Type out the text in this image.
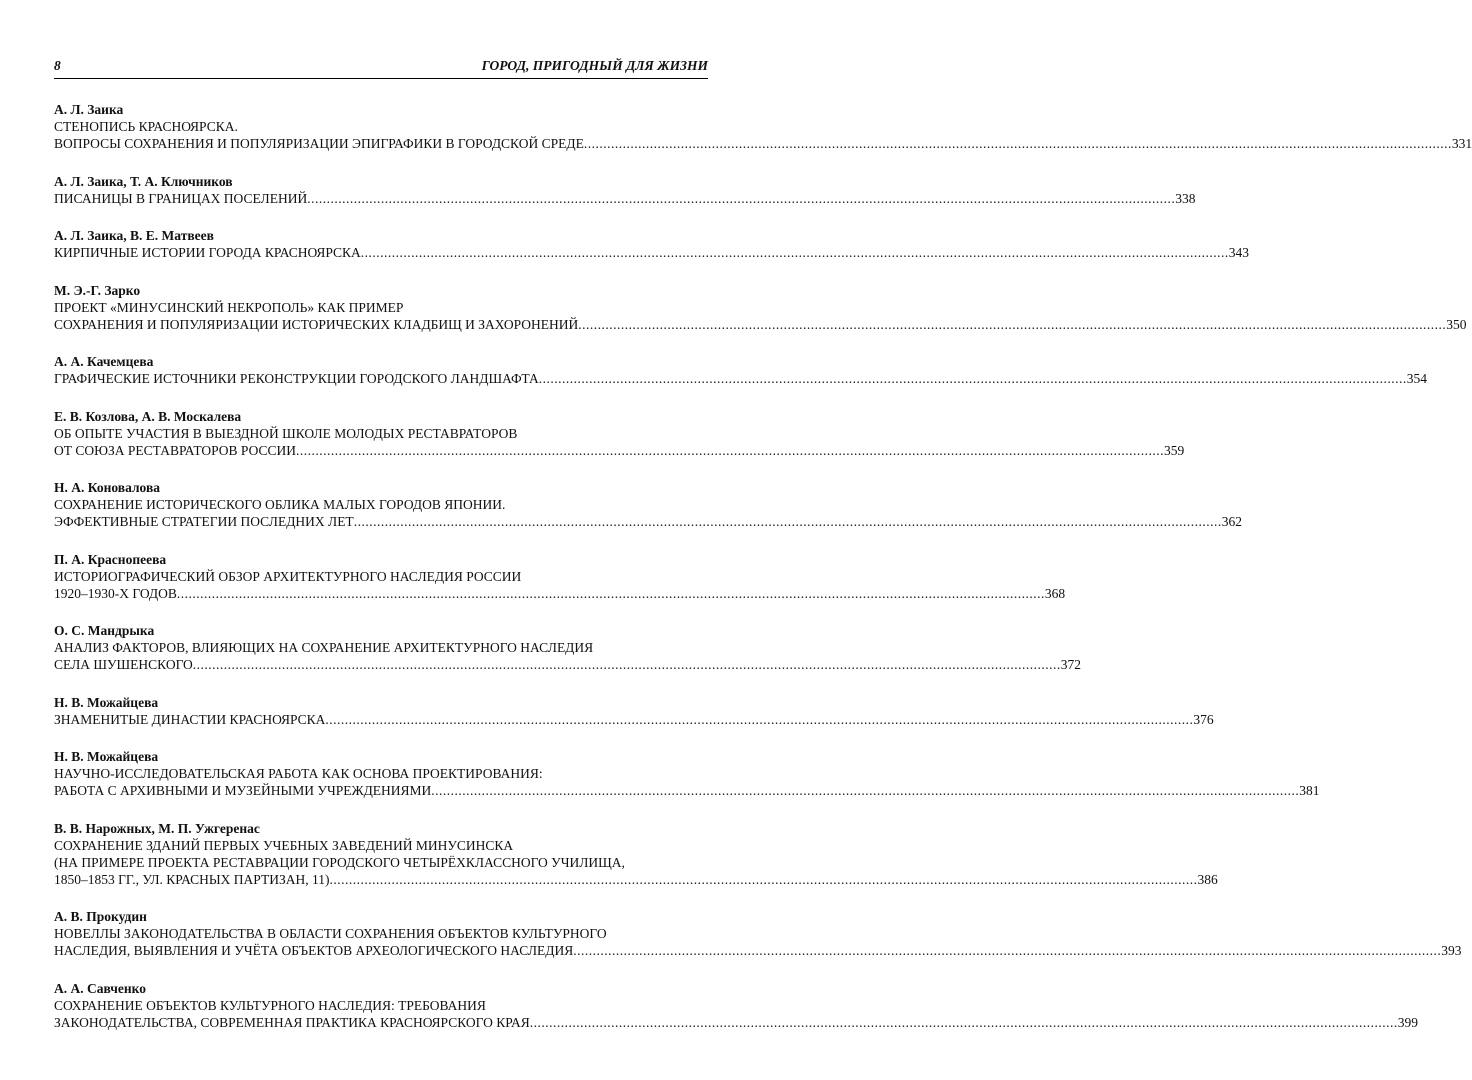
8	ГОРОД, ПРИГОДНЫЙ ДЛЯ ЖИЗНИ
А. Л. Заика
СТЕНОПИСЬ КРАСНОЯРСКА.
ВОПРОСЫ СОХРАНЕНИЯ И ПОПУЛЯРИЗАЦИИ ЭПИГРАФИКИ В ГОРОДСКОЙ СРЕДЕ .....	331
А. Л. Заика, Т. А. Ключников
ПИСАНИЦЫ В ГРАНИЦАХ ПОСЕЛЕНИЙ .....	338
А. Л. Заика, В. Е. Матвеев
КИРПИЧНЫЕ ИСТОРИИ ГОРОДА КРАСНОЯРСКА .....	343
М. Э.-Г. Зарко
ПРОЕКТ «МИНУСИНСКИЙ НЕКРОПОЛЬ» КАК ПРИМЕР
СОХРАНЕНИЯ И ПОПУЛЯРИЗАЦИИ ИСТОРИЧЕСКИХ КЛАДБИЩ И ЗАХОРОНЕНИЙ .....	350
А. А. Качемцева
ГРАФИЧЕСКИЕ ИСТОЧНИКИ РЕКОНСТРУКЦИИ ГОРОДСКОГО ЛАНДШАФТА .....	354
Е. В. Козлова, А. В. Москалева
ОБ ОПЫТЕ УЧАСТИЯ В ВЫЕЗДНОЙ ШКОЛЕ МОЛОДЫХ РЕСТАВРАТОРОВ
ОТ СОЮЗА РЕСТАВРАТОРОВ РОССИИ .....	359
Н. А. Коновалова
СОХРАНЕНИЕ ИСТОРИЧЕСКОГО ОБЛИКА МАЛЫХ ГОРОДОВ ЯПОНИИ.
ЭФФЕКТИВНЫЕ СТРАТЕГИИ ПОСЛЕДНИХ ЛЕТ .....	362
П. А. Краснопеева
ИСТОРИОГРАФИЧЕСКИЙ ОБЗОР АРХИТЕКТУРНОГО НАСЛЕДИЯ РОССИИ
1920–1930-Х ГОДОВ .....	368
О. С. Мандрыка
АНАЛИЗ ФАКТОРОВ, ВЛИЯЮЩИХ НА СОХРАНЕНИЕ АРХИТЕКТУРНОГО НАСЛЕДИЯ
СЕЛА ШУШЕНСКОГО .....	372
Н. В. Можайцева
ЗНАМЕНИТЫЕ ДИНАСТИИ КРАСНОЯРСКА .....	376
Н. В. Можайцева
НАУЧНО-ИССЛЕДОВАТЕЛЬСКАЯ РАБОТА КАК ОСНОВА ПРОЕКТИРОВАНИЯ:
РАБОТА С АРХИВНЫМИ И МУЗЕЙНЫМИ УЧРЕЖДЕНИЯМИ .....	381
В. В. Нарожных, М. П. Ужгеренас
СОХРАНЕНИЕ ЗДАНИЙ ПЕРВЫХ УЧЕБНЫХ ЗАВЕДЕНИЙ МИНУСИНСКА
(НА ПРИМЕРЕ ПРОЕКТА РЕСТАВРАЦИИ ГОРОДСКОГО ЧЕТЫРЁХКЛАССНОГО УЧИЛИЩА,
1850–1853 ГГ., УЛ. КРАСНЫХ ПАРТИЗАН, 11) .....	386
А. В. Прокудин
НОВЕЛЛЫ ЗАКОНОДАТЕЛЬСТВА В ОБЛАСТИ СОХРАНЕНИЯ ОБЪЕКТОВ КУЛЬТУРНОГО
НАСЛЕДИЯ, ВЫЯВЛЕНИЯ И УЧЁТА ОБЪЕКТОВ АРХЕОЛОГИЧЕСКОГО НАСЛЕДИЯ .....	393
А. А. Савченко
СОХРАНЕНИЕ ОБЪЕКТОВ КУЛЬТУРНОГО НАСЛЕДИЯ: ТРЕБОВАНИЯ
ЗАКОНОДАТЕЛЬСТВА, СОВРЕМЕННАЯ ПРАКТИКА КРАСНОЯРСКОГО КРАЯ .....	399
